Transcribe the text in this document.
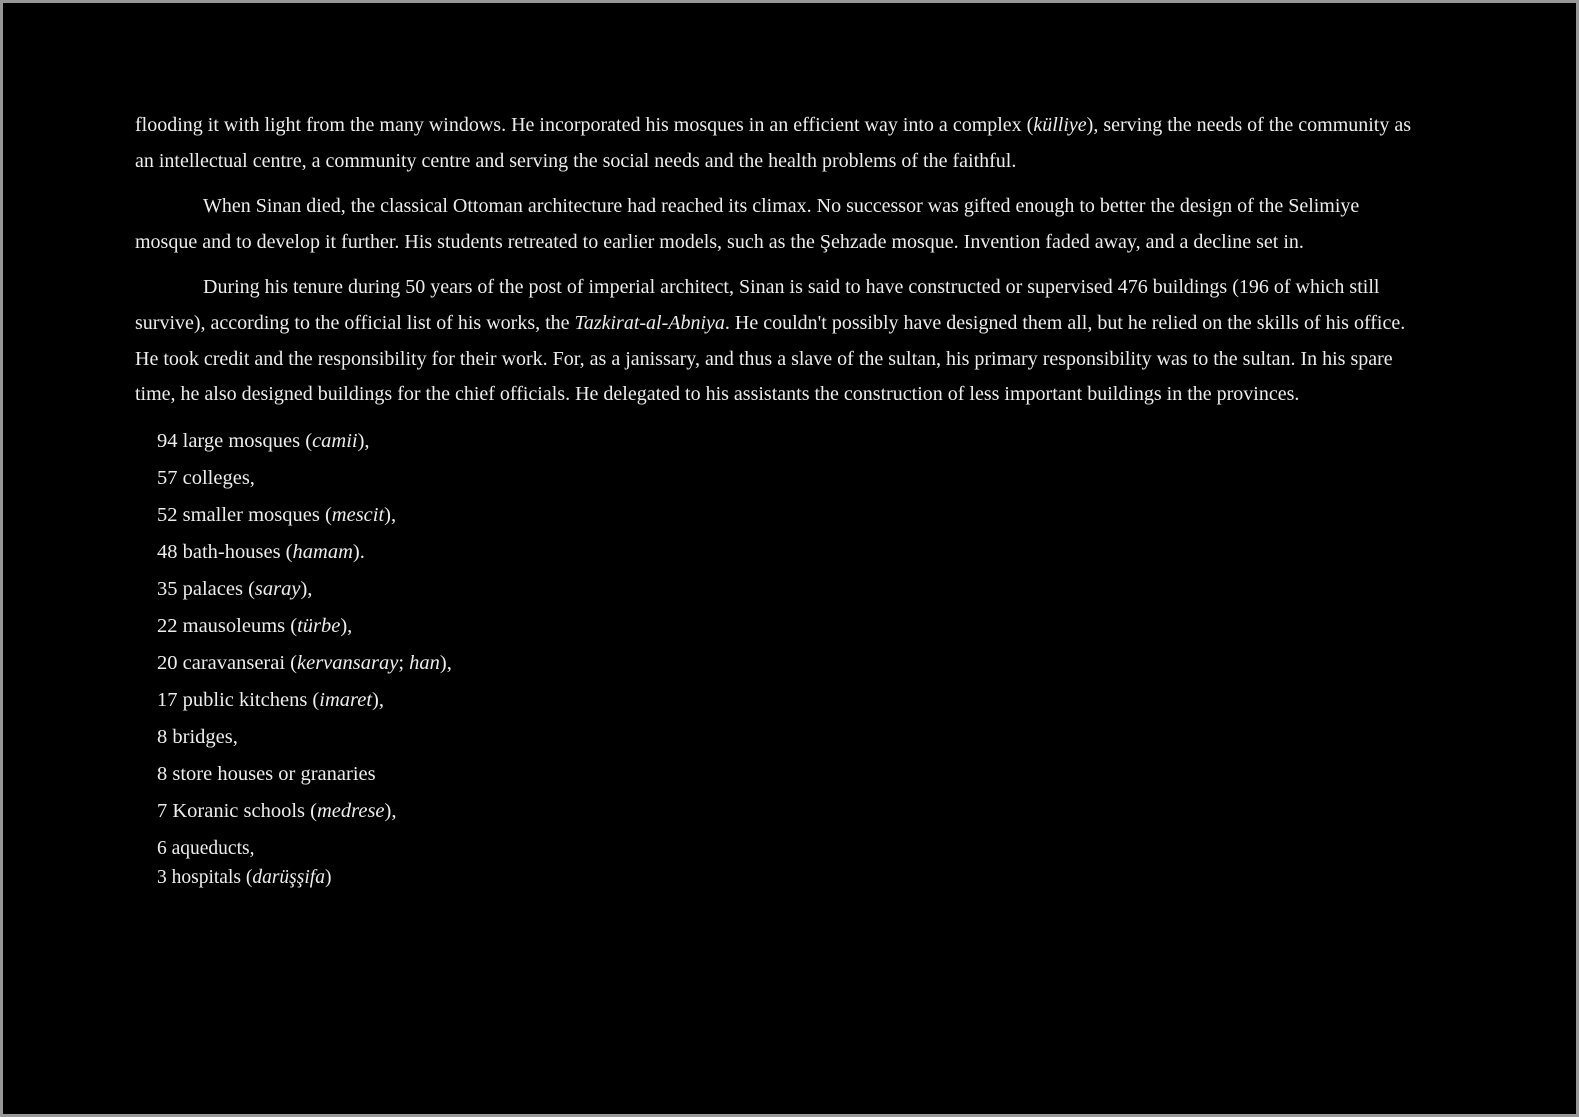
flooding it with light from the many windows. He incorporated his mosques in an efficient way into a complex (külliye), serving the needs of the community as an intellectual centre, a community centre and serving the social needs and the health problems of the faithful.

When Sinan died, the classical Ottoman architecture had reached its climax. No successor was gifted enough to better the design of the Selimiye mosque and to develop it further. His students retreated to earlier models, such as the Şehzade mosque. Invention faded away, and a decline set in.

During his tenure during 50 years of the post of imperial architect, Sinan is said to have constructed or supervised 476 buildings (196 of which still survive), according to the official list of his works, the Tazkirat-al-Abniya. He couldn't possibly have designed them all, but he relied on the skills of his office. He took credit and the responsibility for their work. For, as a janissary, and thus a slave of the sultan, his primary responsibility was to the sultan. In his spare time, he also designed buildings for the chief officials. He delegated to his assistants the construction of less important buildings in the provinces.

94 large mosques (camii),
57 colleges,
52 smaller mosques (mescit),
48 bath-houses (hamam).
35 palaces (saray),
22 mausoleums (türbe),
20 caravanserai (kervansaray; han),
17 public kitchens (imaret),
8 bridges,
8 store houses or granaries
7 Koranic schools (medrese),
6 aqueducts,
3 hospitals (darüşşifa)
